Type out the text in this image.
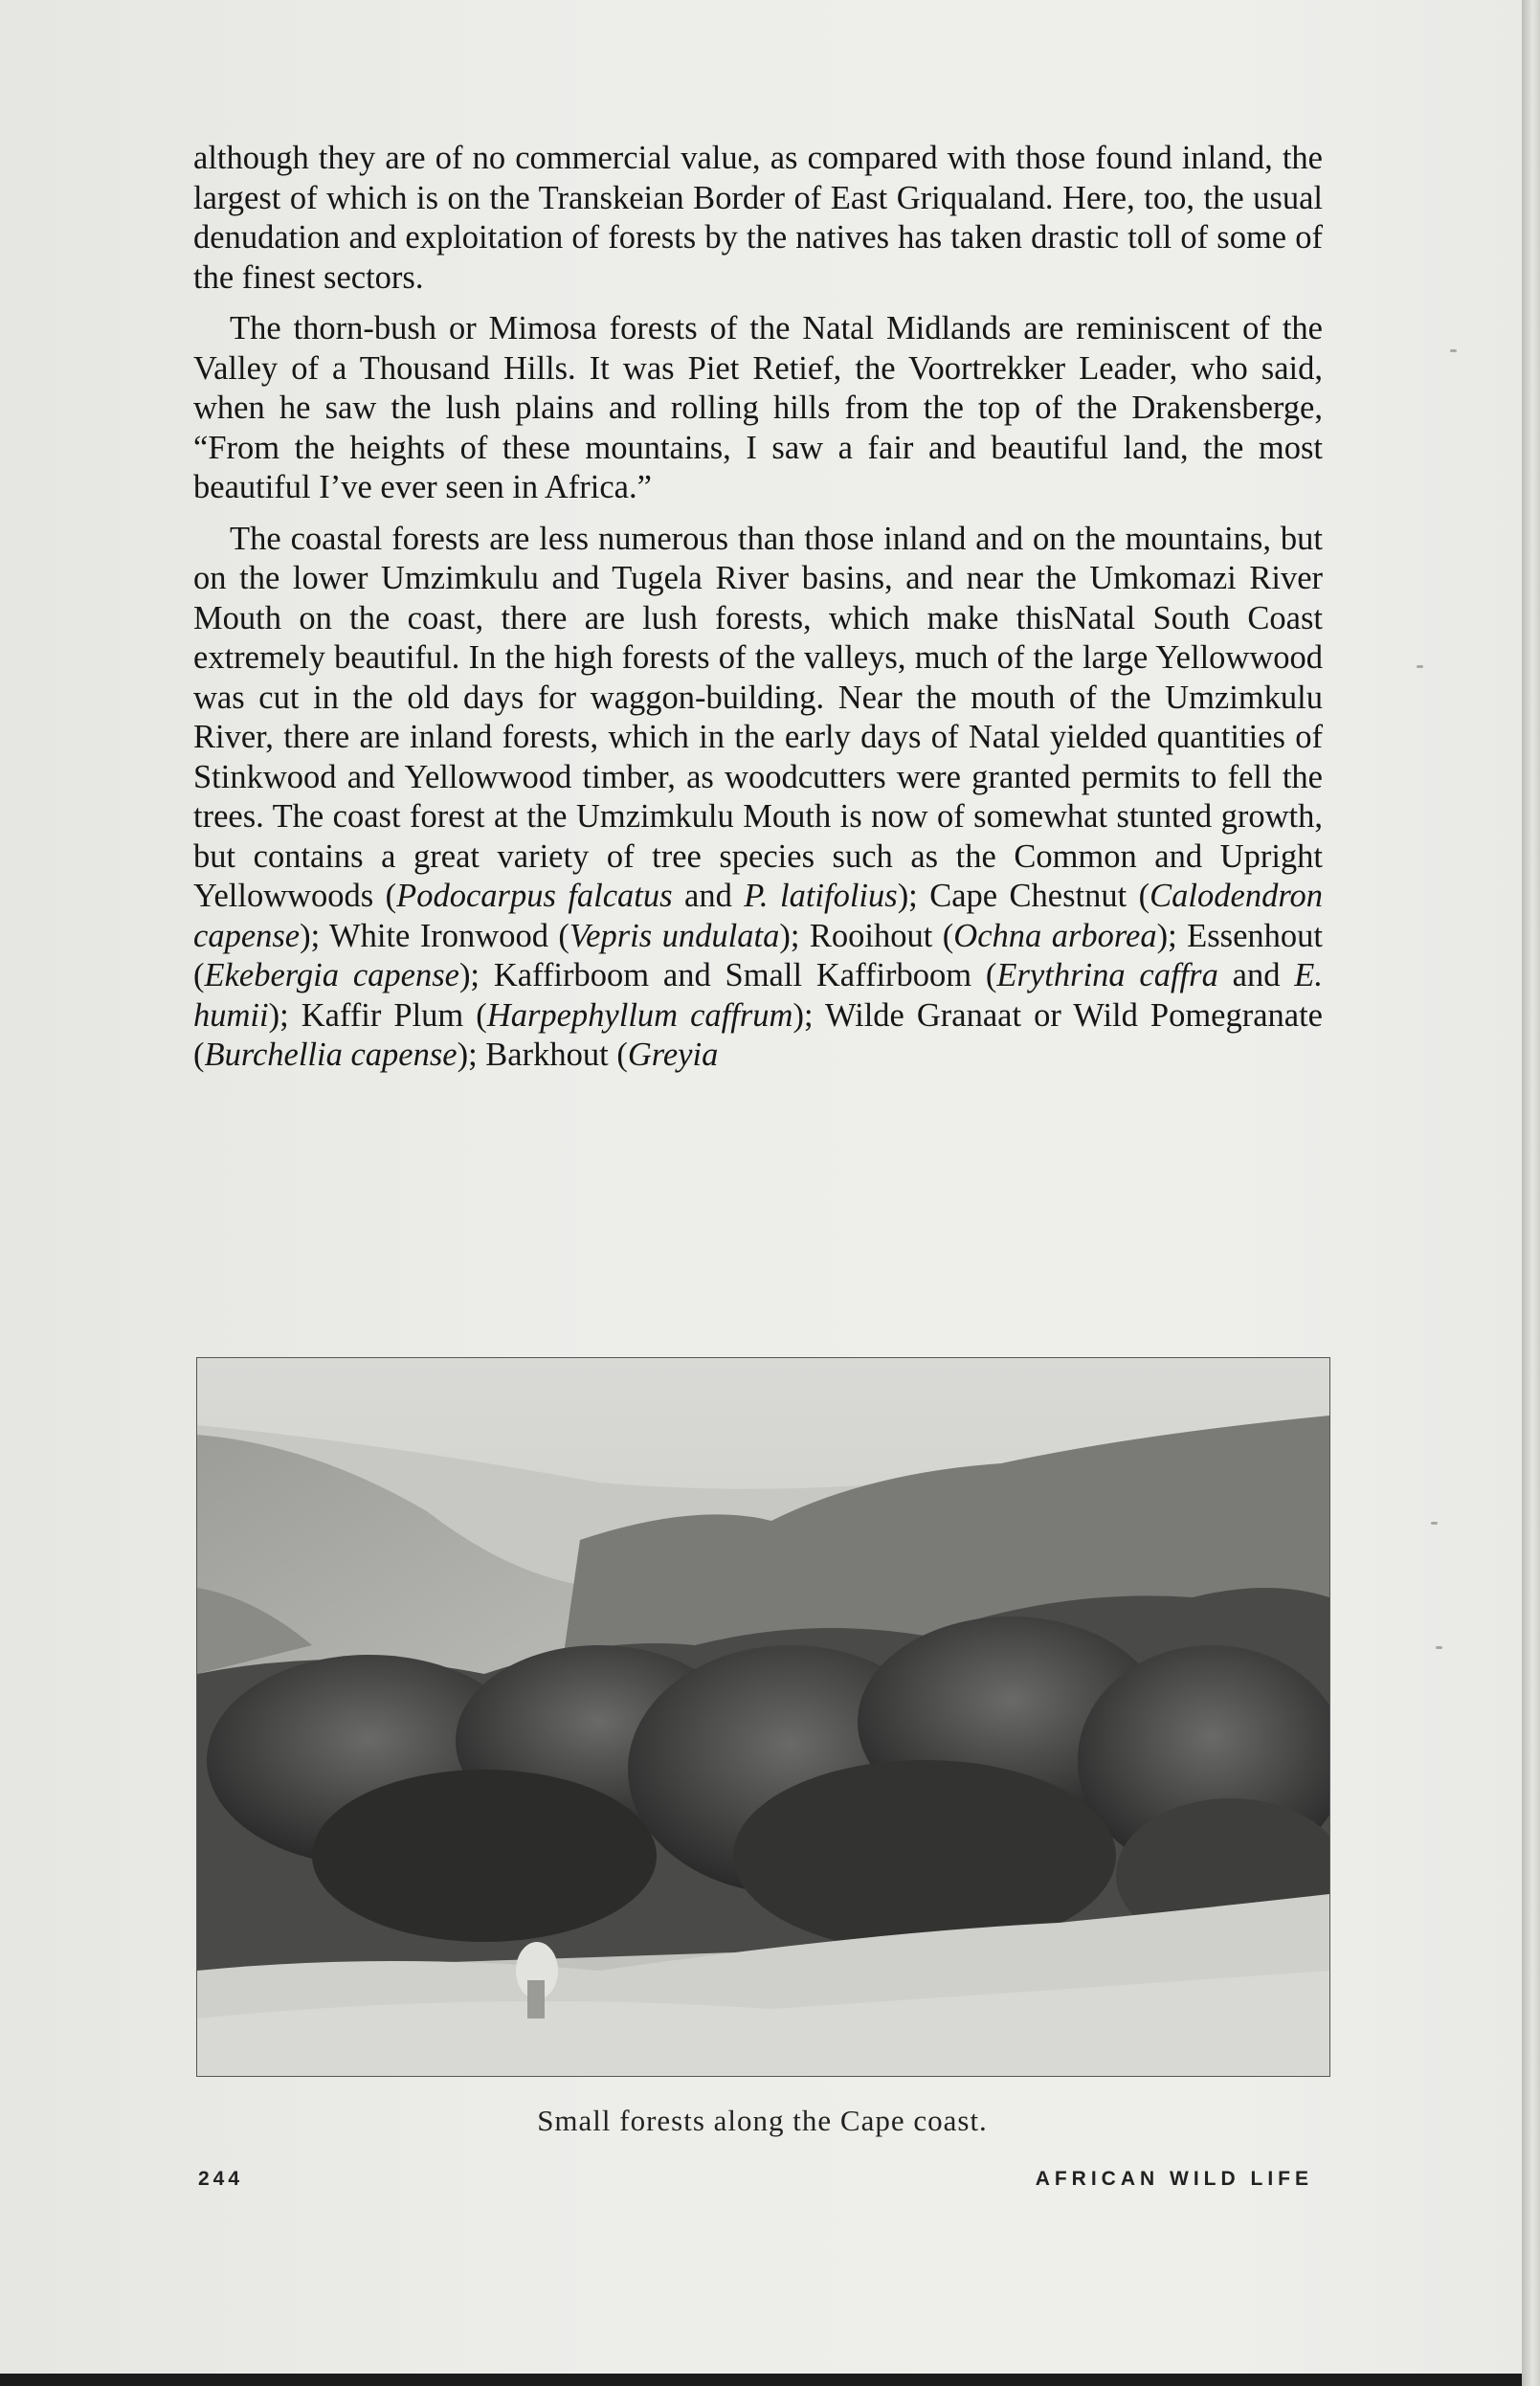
although they are of no commercial value, as compared with those found inland, the largest of which is on the Transkeian Border of East Griqualand. Here, too, the usual denudation and exploitation of forests by the natives has taken drastic toll of some of the finest sectors.

The thorn-bush or Mimosa forests of the Natal Midlands are reminiscent of the Valley of a Thousand Hills. It was Piet Retief, the Voortrekker Leader, who said, when he saw the lush plains and rolling hills from the top of the Drakensberge, “From the heights of these mountains, I saw a fair and beautiful land, the most beautiful I’ve ever seen in Africa.”

The coastal forests are less numerous than those inland and on the mountains, but on the lower Umzimkulu and Tugela River basins, and near the Umkomazi River Mouth on the coast, there are lush forests, which make thisNatal South Coast extremely beautiful. In the high forests of the valleys, much of the large Yellowwood was cut in the old days for waggon-building. Near the mouth of the Umzimkulu River, there are inland forests, which in the early days of Natal yielded quantities of Stinkwood and Yellowwood timber, as woodcutters were granted permits to fell the trees. The coast forest at the Umzimkulu Mouth is now of somewhat stunted growth, but contains a great variety of tree species such as the Common and Upright Yellowwoods (Podocarpus falcatus and P. latifolius); Cape Chestnut (Calodendron capense); White Ironwood (Vepris undulata); Rooihout (Ochna arborea); Essenhout (Ekebergia capense); Kaffirboom and Small Kaffirboom (Erythrina caffra and E. humii); Kaffir Plum (Harpephyllum caffrum); Wilde Granaat or Wild Pomegranate (Burchellia capense); Barkhout (Greyia

Small forests along the Cape coast.
244	AFRICAN WILD LIFE
